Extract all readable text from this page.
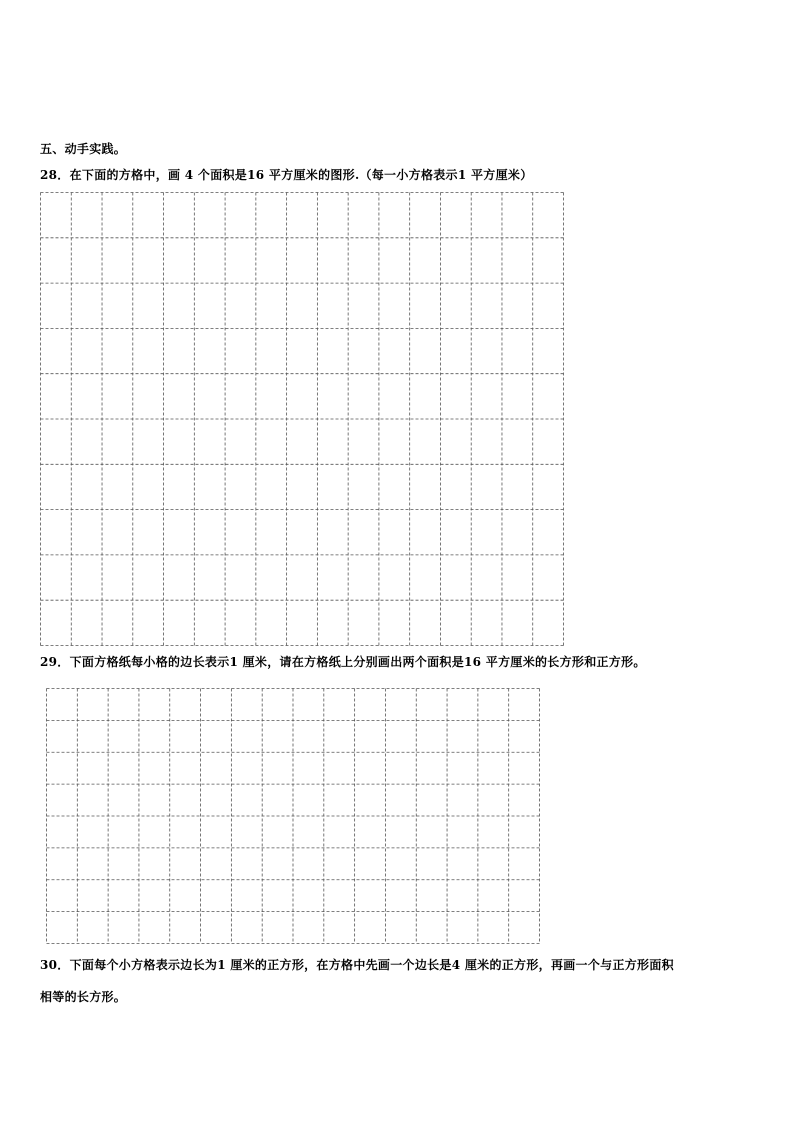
五、动手实践。
28．在下面的方格中，画 4 个面积是16 平方厘米的图形.（每一小方格表示1 平方厘米）
29．下面方格纸每小格的边长表示1 厘米，请在方格纸上分别画出两个面积是16 平方厘米的长方形和正方形。
30．下面每个小方格表示边长为1 厘米的正方形，在方格中先画一个边长是4 厘米的正方形，再画一个与正方形面积
相等的长方形。
